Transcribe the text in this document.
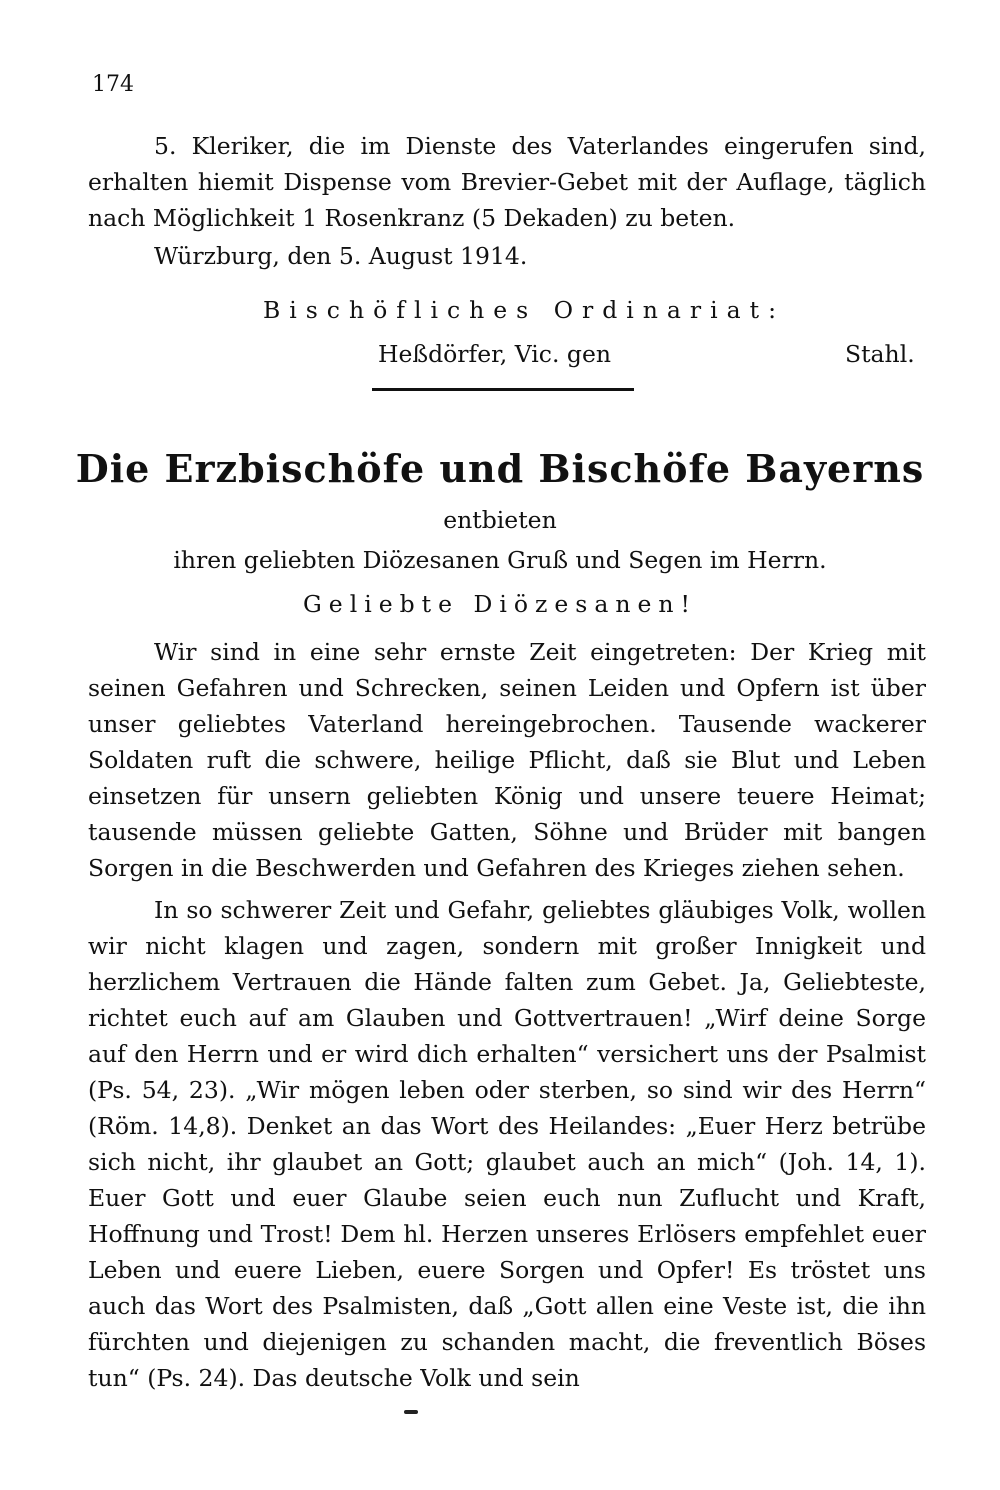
174

5. Kleriker, die im Dienste des Vaterlandes eingerufen sind, erhalten hiemit Dispense vom Brevier-Gebet mit der Auflage, täglich nach Möglichkeit 1 Rosenkranz (5 Dekaden) zu beten.

Würzburg, den 5. August 1914.
Bischöfliches Ordinariat:
Heßdörfer, Vic. gen	Stahl.
Die Erzbischöfe und Bischöfe Bayerns
entbieten
ihren geliebten Diözesanen Gruß und Segen im Herrn.
Geliebte Diözesanen!

Wir sind in eine sehr ernste Zeit eingetreten: Der Krieg mit seinen Gefahren und Schrecken, seinen Leiden und Opfern ist über unser geliebtes Vaterland hereingebrochen. Tausende wackerer Soldaten ruft die schwere, heilige Pflicht, daß sie Blut und Leben einsetzen für unsern geliebten König und unsere teuere Heimat; tausende müssen geliebte Gatten, Söhne und Brüder mit bangen Sorgen in die Beschwerden und Gefahren des Krieges ziehen sehen.

In so schwerer Zeit und Gefahr, geliebtes gläubiges Volk, wollen wir nicht klagen und zagen, sondern mit großer Innigkeit und herzlichem Vertrauen die Hände falten zum Gebet. Ja, Geliebteste, richtet euch auf am Glauben und Gottvertrauen! „Wirf deine Sorge auf den Herrn und er wird dich erhalten“ versichert uns der Psalmist (Ps. 54, 23). „Wir mögen leben oder sterben, so sind wir des Herrn“ (Röm. 14,8). Denket an das Wort des Heilandes: „Euer Herz betrübe sich nicht, ihr glaubet an Gott; glaubet auch an mich“ (Joh. 14, 1). Euer Gott und euer Glaube seien euch nun Zuflucht und Kraft, Hoffnung und Trost! Dem hl. Herzen unseres Erlösers empfehlet euer Leben und euere Lieben, euere Sorgen und Opfer! Es tröstet uns auch das Wort des Psalmisten, daß „Gott allen eine Veste ist, die ihn fürchten und diejenigen zu schanden macht, die freventlich Böses tun“ (Ps. 24). Das deutsche Volk und sein
